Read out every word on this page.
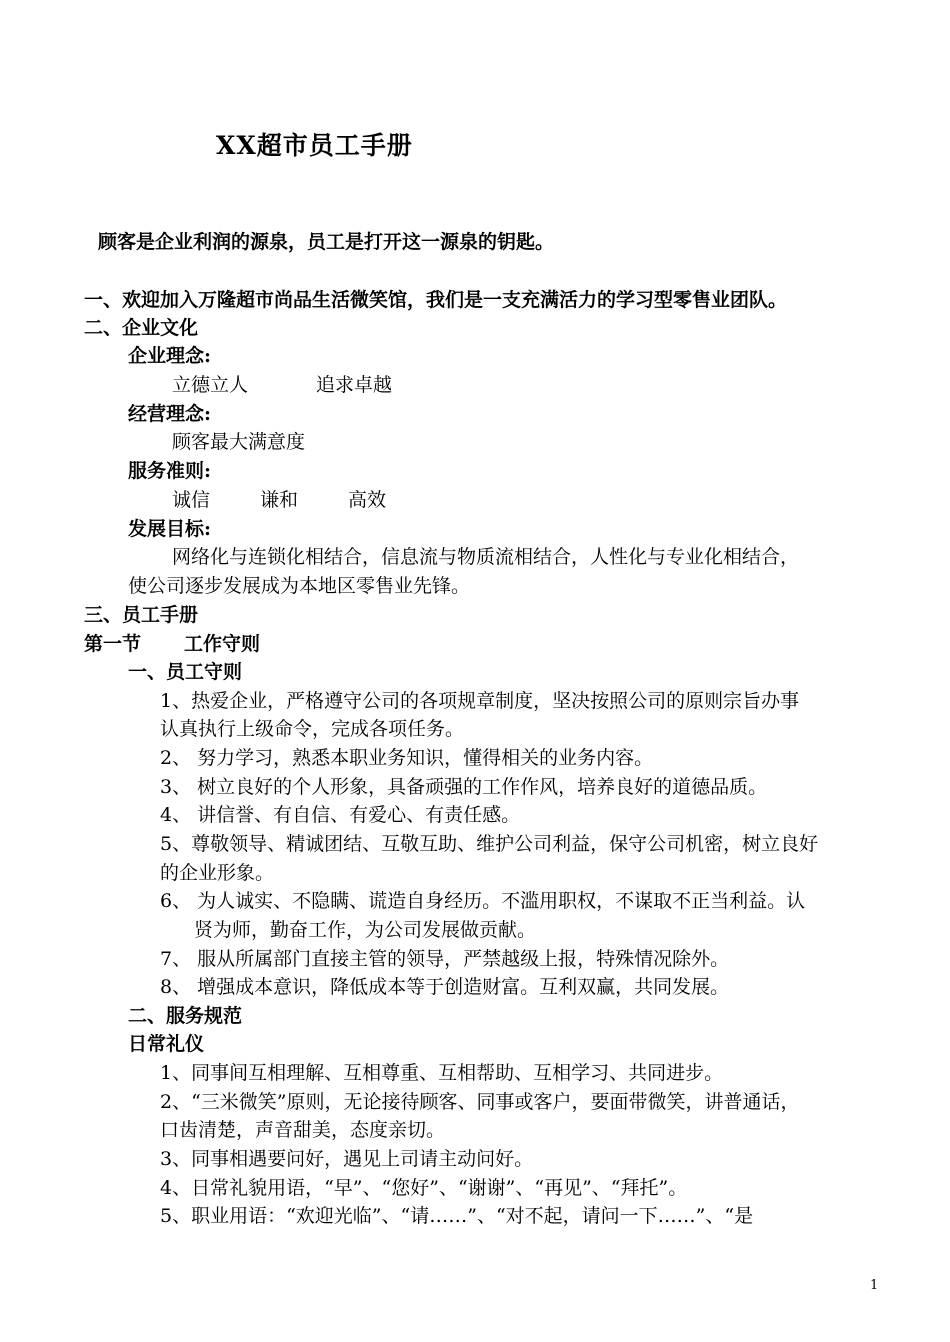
XX超市员工手册
顾客是企业利润的源泉，员工是打开这一源泉的钥匙。
一、欢迎加入万隆超市尚品生活微笑馆，我们是一支充满活力的学习型零售业团队。
二、企业文化
企业理念:
立德立人	追求卓越
经营理念:
顾客最大满意度
服务准则:
诚信	谦和	高效
发展目标:
网络化与连锁化相结合，信息流与物质流相结合，人性化与专业化相结合，
使公司逐步发展成为本地区零售业先锋。
三、员工手册
第一节 工作守则
一、员工守则
1、热爱企业，严格遵守公司的各项规章制度，坚决按照公司的原则宗旨办事
认真执行上级命令，完成各项任务。
2、 努力学习，熟悉本职业务知识，懂得相关的业务内容。
3、 树立良好的个人形象，具备顽强的工作作风，培养良好的道德品质。
4、 讲信誉、有自信、有爱心、有责任感。
5、尊敬领导、精诚团结、互敬互助、维护公司利益，保守公司机密，树立良好
的企业形象。
6、 为人诚实、不隐瞒、谎造自身经历。不滥用职权，不谋取不正当利益。认
贤为师，勤奋工作，为公司发展做贡献。
7、 服从所属部门直接主管的领导，严禁越级上报，特殊情况除外。
8、 增强成本意识，降低成本等于创造财富。互利双赢，共同发展。
二、服务规范
日常礼仪
1、同事间互相理解、互相尊重、互相帮助、互相学习、共同进步。
2、“三米微笑”原则，无论接待顾客、同事或客户，要面带微笑，讲普通话，
口齿清楚，声音甜美，态度亲切。
3、同事相遇要问好，遇见上司请主动问好。
4、日常礼貌用语，“早”、“您好”、“谢谢”、“再见”、“拜托”。
5、职业用语：“欢迎光临”、“请……”、“对不起，请问一下……”、“是
1
